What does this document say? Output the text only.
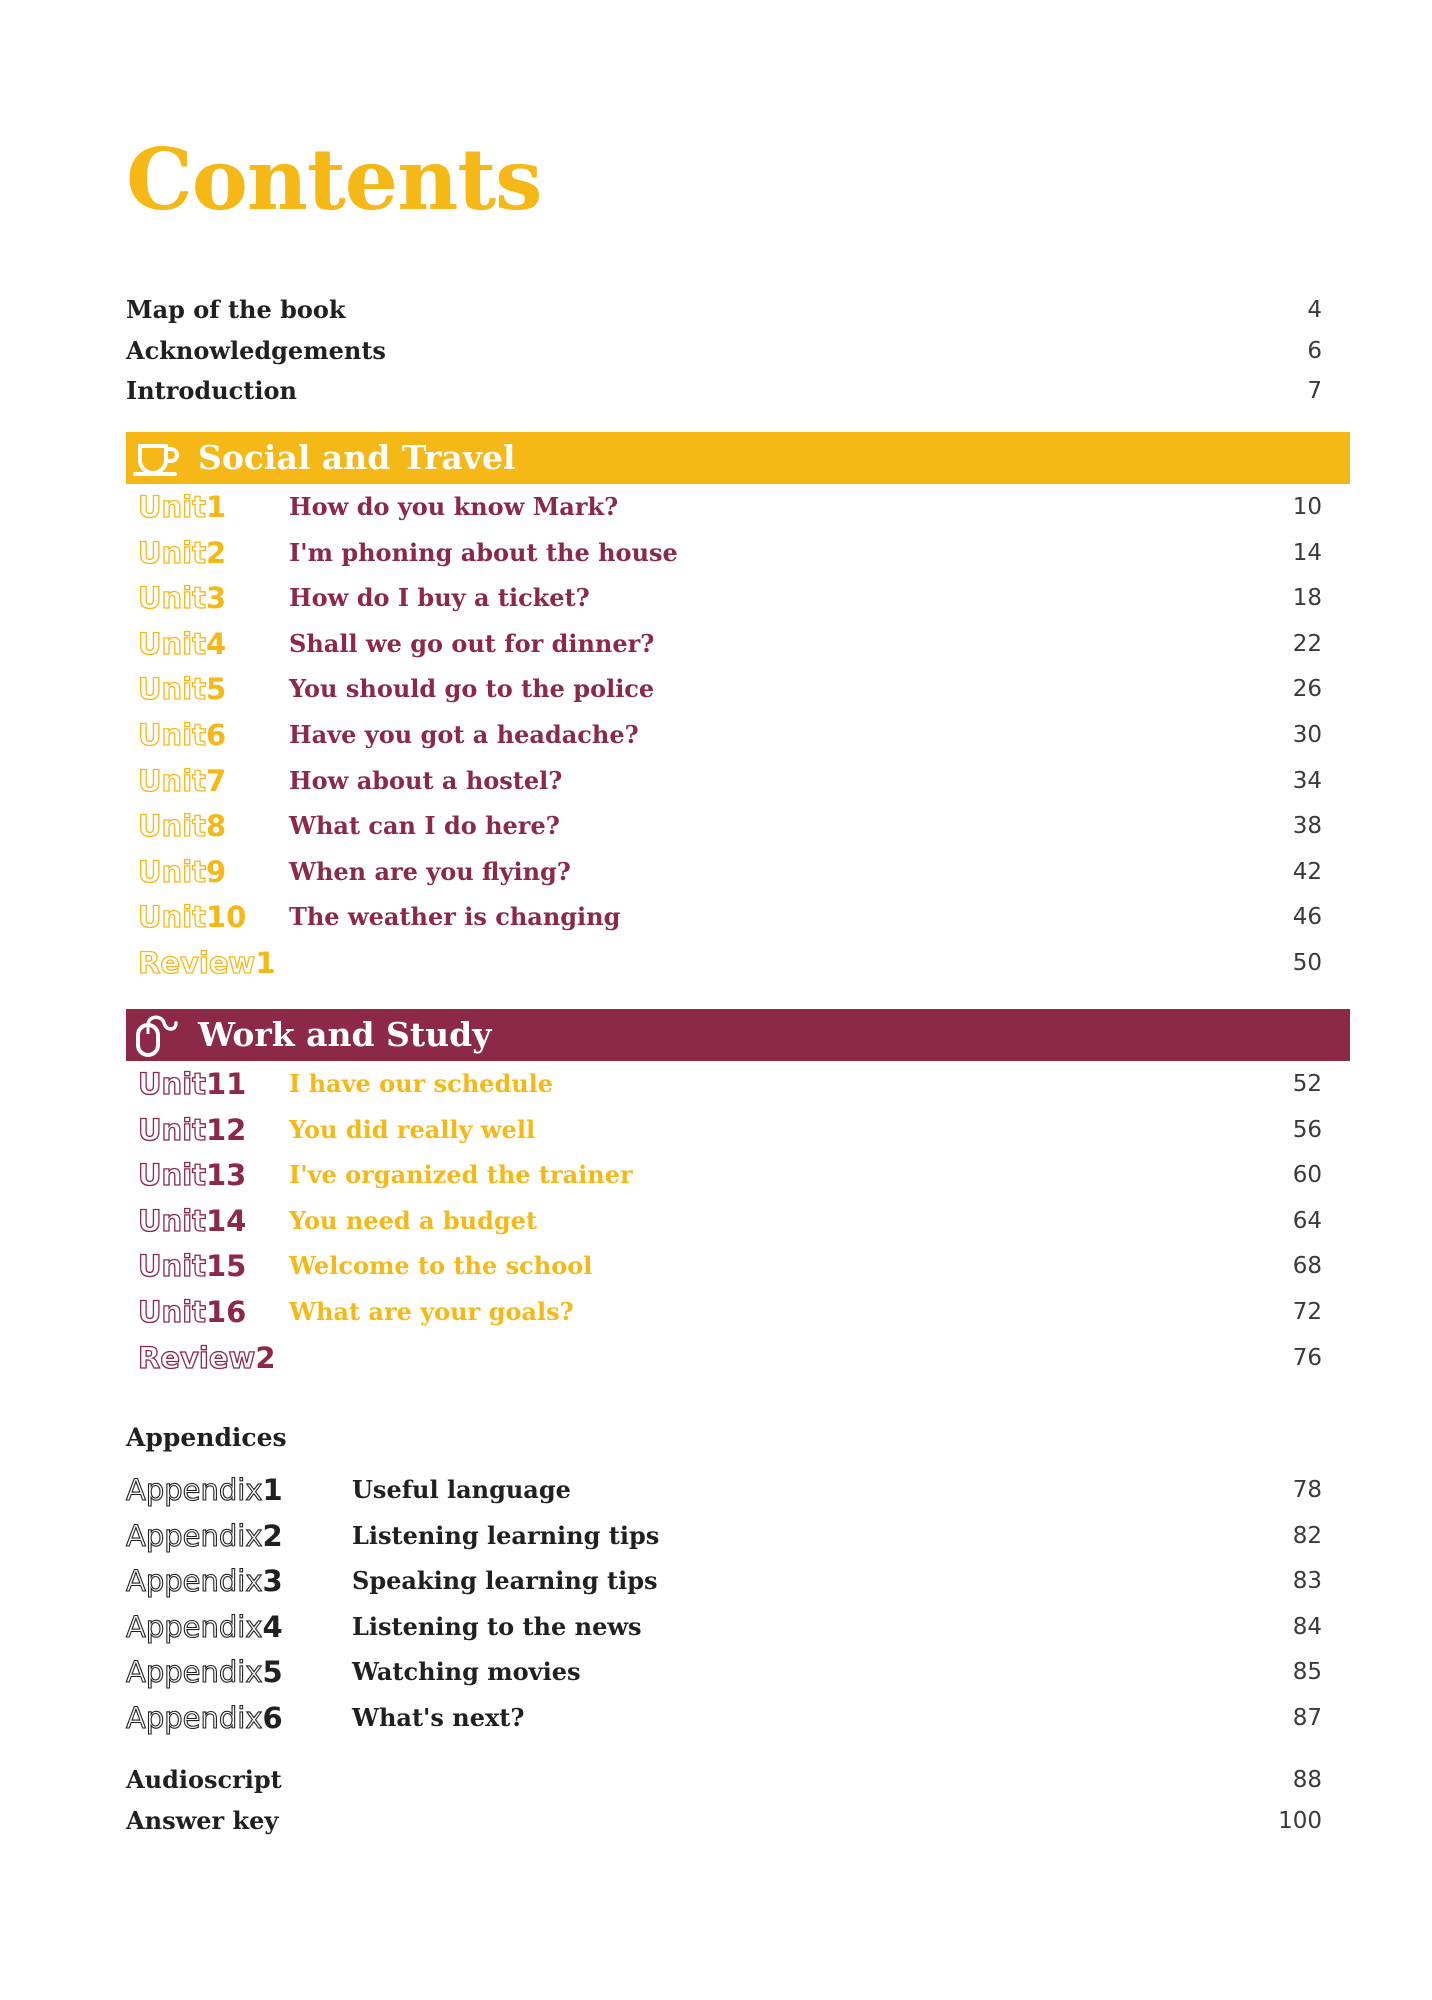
Contents
Map of the book	4
Acknowledgements	6
Introduction	7
Social and Travel
Unit1	How do you know Mark?	10
Unit2	I'm phoning about the house	14
Unit3	How do I buy a ticket?	18
Unit4	Shall we go out for dinner?	22
Unit5	You should go to the police	26
Unit6	Have you got a headache?	30
Unit7	How about a hostel?	34
Unit8	What can I do here?	38
Unit9	When are you flying?	42
Unit10 The weather is changing	46
Review1	50
Work and Study
Unit11 I have our schedule	52
Unit12 You did really well	56
Unit13 I've organized the trainer	60
Unit14 You need a budget	64
Unit15 Welcome to the school	68
Unit16 What are your goals?	72
Review2	76
Appendices
Appendix1	Useful language	78
Appendix2	Listening learning tips	82
Appendix3	Speaking learning tips	83
Appendix4	Listening to the news	84
Appendix5	Watching movies	85
Appendix6	What's next?	87
Audioscript	88
Answer key	100
